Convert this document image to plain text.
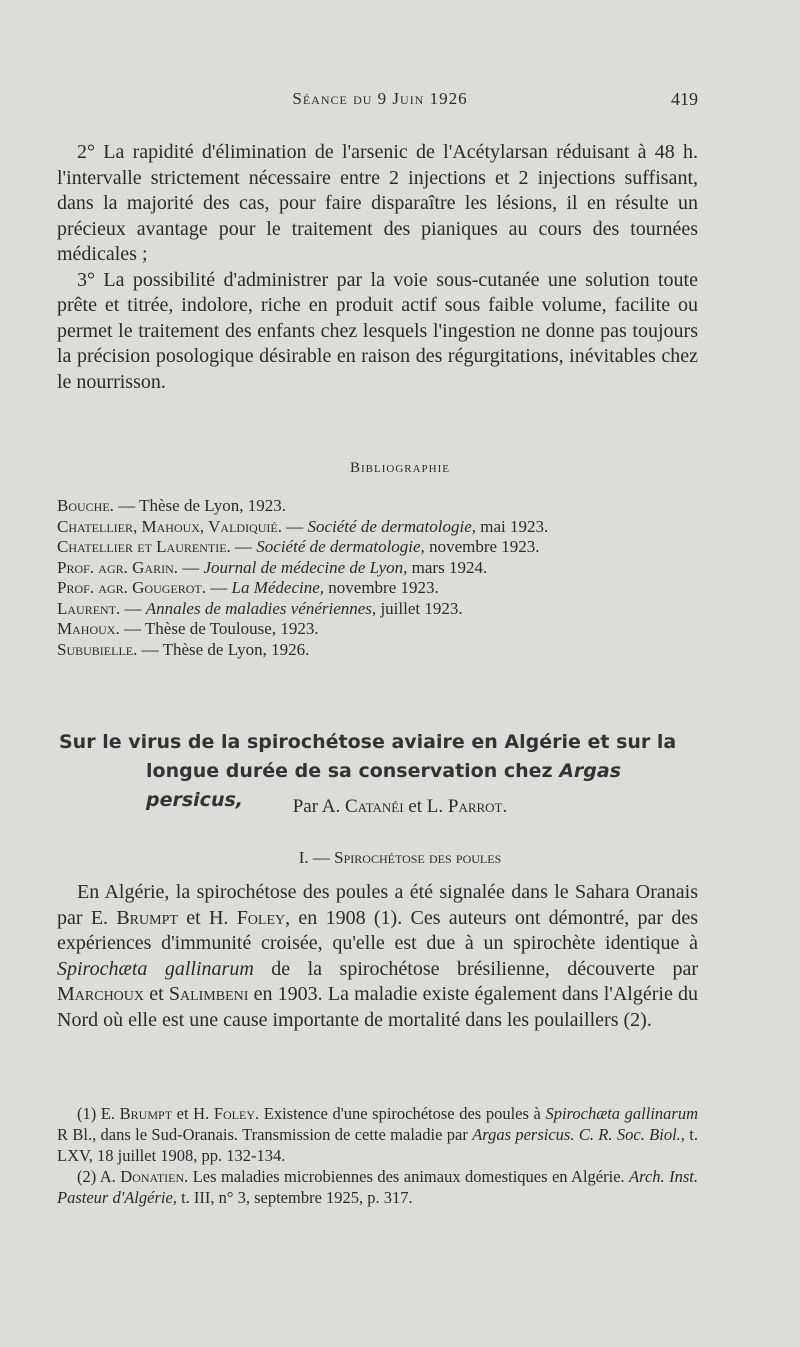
Séance du 9 Juin 1926	419

2° La rapidité d'élimination de l'arsenic de l'Acétylarsan réduisant à 48 h. l'intervalle strictement nécessaire entre 2 injections et 2 injections suffisant, dans la majorité des cas, pour faire disparaître les lésions, il en résulte un précieux avantage pour le traitement des pianiques au cours des tournées médicales ;

3° La possibilité d'administrer par la voie sous-cutanée une solution toute prête et titrée, indolore, riche en produit actif sous faible volume, facilite ou permet le traitement des enfants chez lesquels l'ingestion ne donne pas toujours la précision posologique désirable en raison des régurgitations, inévitables chez le nourrisson.

Bibliographie
Bouche. — Thèse de Lyon, 1923.
Chatellier, Mahoux, Valdiquié. — Société de dermatologie, mai 1923.
Chatellier et Laurentie. — Société de dermatologie, novembre 1923.
Prof. agr. Garin. — Journal de médecine de Lyon, mars 1924.
Prof. agr. Gougerot. — La Médecine, novembre 1923.
Laurent. — Annales de maladies vénériennes, juillet 1923.
Mahoux. — Thèse de Toulouse, 1923.
Sububielle. — Thèse de Lyon, 1926.
Sur le virus de la spirochétose aviaire en Algérie et sur la
longue durée de sa conservation chez Argas persicus,	Par A. Catanéi et L. Parrot.
I. — Spirochétose des poules

En Algérie, la spirochétose des poules a été signalée dans le Sahara Oranais par E. Brumpt et H. Foley, en 1908 (1). Ces auteurs ont démontré, par des expériences d'immunité croisée, qu'elle est due à un spirochète identique à Spirochæta gallinarum de la spirochétose brésilienne, découverte par Marchoux et Salimbeni en 1903. La maladie existe également dans l'Algérie du Nord où elle est une cause importante de mortalité dans les poulaillers (2).

(1) E. Brumpt et H. Foley. Existence d'une spirochétose des poules à Spirochæta gallinarum R Bl., dans le Sud-Oranais. Transmission de cette maladie par Argas persicus. C. R. Soc. Biol., t. LXV, 18 juillet 1908, pp. 132-134.

(2) A. Donatien. Les maladies microbiennes des animaux domestiques en Algérie. Arch. Inst. Pasteur d'Algérie, t. III, n° 3, septembre 1925, p. 317.
